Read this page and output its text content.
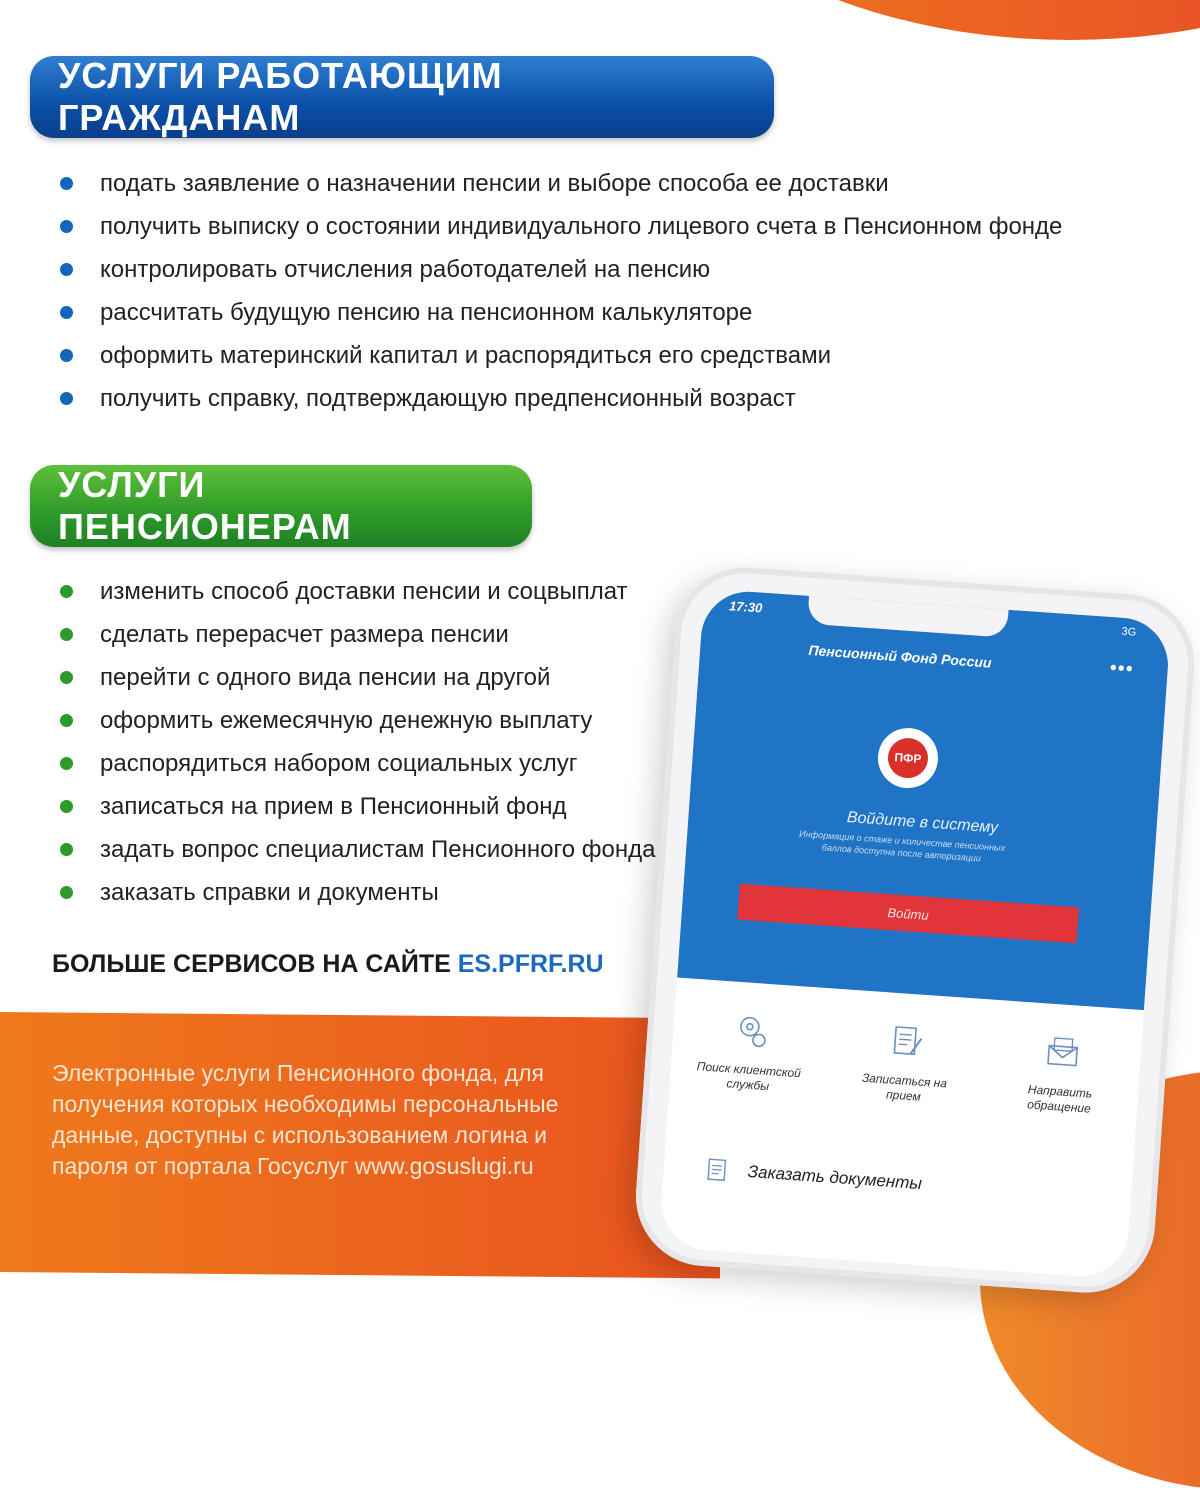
УСЛУГИ РАБОТАЮЩИМ ГРАЖДАНАМ
подать заявление о назначении пенсии и выборе способа ее доставки
получить выписку о состоянии индивидуального лицевого счета в Пенсионном фонде
контролировать отчисления работодателей на пенсию
рассчитать будущую пенсию на пенсионном калькуляторе
оформить материнский капитал и распорядиться его средствами
получить справку, подтверждающую предпенсионный возраст
УСЛУГИ ПЕНСИОНЕРАМ
изменить способ доставки пенсии и соцвыплат
сделать перерасчет размера пенсии
перейти с одного вида пенсии на другой
оформить ежемесячную денежную выплату
распорядиться набором социальных услуг
записаться на прием в Пенсионный фонд
задать вопрос специалистам Пенсионного фонда
заказать справки и документы
БОЛЬШЕ СЕРВИСОВ НА САЙТЕ ES.PFRF.RU
Электронные услуги Пенсионного фонда, для получения которых необходимы персональные данные, доступны с использованием логина и пароля от портала Госуслуг www.gosuslugi.ru
17:30
3G
Пенсионный Фонд России	•••
ПФР
Войдите в систему
Информация о стаже и количестве пенсионных баллов доступна после авторизации
Войти
Поиск клиентской службы	Записаться на прием	Направить обращение
Заказать документы
